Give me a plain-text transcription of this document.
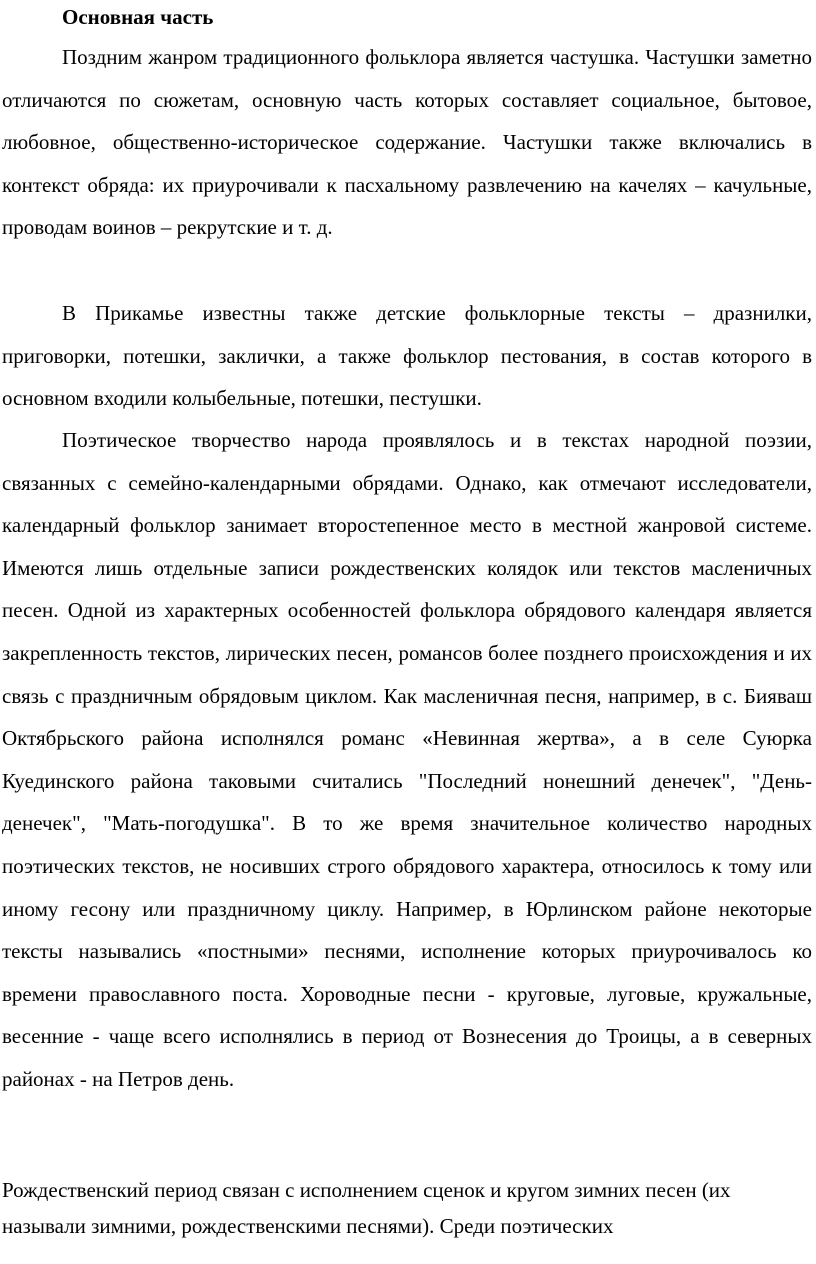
Основная часть

Поздним жанром традиционного фольклора является частушка. Частушки заметно отличаются по сюжетам, основную часть которых составляет социальное, бытовое, любовное, общественно-историческое содержание. Частушки также включались в контекст обряда: их приурочивали к пасхальному развлечению на качелях – качульные, проводам воинов – рекрутские и т. д.

В Прикамье известны также детские фольклорные тексты – дразнилки, приговорки, потешки, заклички, а также фольклор пестования, в состав которого в основном входили колыбельные, потешки, пестушки.

Поэтическое творчество народа проявлялось и в текстах народной поэзии, связанных с семейно-календарными обрядами. Однако, как отмечают исследователи, календарный фольклор занимает второстепенное место в местной жанровой системе. Имеются лишь отдельные записи рождественских колядок или текстов масленичных песен. Одной из характерных особенностей фольклора обрядового календаря является закрепленность текстов, лирических песен, романсов более позднего происхождения и их связь с праздничным обрядовым циклом. Как масленичная песня, например, в с. Бияваш Октябрьского района исполнялся романс «Невинная жертва», а в селе Суюрка Куединского района таковыми считались "Последний нонешний денечек", "День-денечек", "Мать-погодушка". В то же время значительное количество народных поэтических текстов, не носивших строго обрядового характера, относилось к тому или иному гесону или праздничному циклу. Например, в Юрлинском районе некоторые тексты назывались «постными» песнями, исполнение которых приурочивалось ко времени православного поста. Хороводные песни - круговые, луговые, кружальные, весенние - чаще всего исполнялись в период от Вознесения до Троицы, а в северных районах - на Петров день.

Рождественский период связан с исполнением сценок и кругом зимних песен (их называли зимними, рождественскими песнями). Среди поэтических
